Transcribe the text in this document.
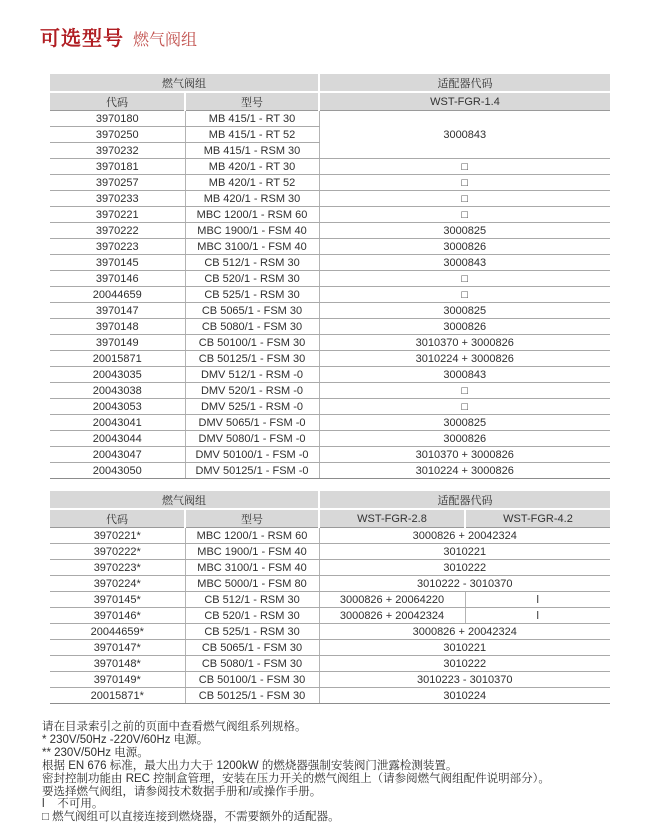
可选型号 燃气阀组
燃气阀组		适配器代码
代码	型号	WST-FGR-1.4
3970180	MB 415/1 - RT 30	3000843
3970250	MB 415/1 - RT 52	
3970232	MB 415/1 - RSM 30	
3970181	MB 420/1 - RT 30	□
3970257	MB 420/1 - RT 52	□
3970233	MB 420/1 - RSM 30	□
3970221	MBC 1200/1 - RSM 60	□
3970222	MBC 1900/1 - FSM 40	3000825
3970223	MBC 3100/1 - FSM 40	3000826
3970145	CB 512/1 - RSM 30	3000843
3970146	CB 520/1 - RSM 30	□
20044659	CB 525/1 - RSM 30	□
3970147	CB 5065/1 - FSM 30	3000825
3970148	CB 5080/1 - FSM 30	3000826
3970149	CB 50100/1 - FSM 30	3010370 + 3000826
20015871	CB 50125/1 - FSM 30	3010224 + 3000826
20043035	DMV 512/1 - RSM -0	3000843
20043038	DMV 520/1 - RSM -0	□
20043053	DMV 525/1 - RSM -0	□
20043041	DMV 5065/1 - FSM -0	3000825
20043044	DMV 5080/1 - FSM -0	3000826
20043047	DMV 50100/1 - FSM -0	3010370 + 3000826
20043050	DMV 50125/1 - FSM -0	3010224 + 3000826
燃气阀组		适配器代码	
代码	型号	WST-FGR-2.8	WST-FGR-4.2
3970221*	MBC 1200/1 - RSM 60	3000826 + 20042324	
3970222*	MBC 1900/1 - FSM 40	3010221	
3970223*	MBC 3100/1 - FSM 40	3010222	
3970224*	MBC 5000/1 - FSM 80	3010222 - 3010370	
3970145*	CB 512/1 - RSM 30	3000826 + 20064220	l
3970146*	CB 520/1 - RSM 30	3000826 + 20042324	l
20044659*	CB 525/1 - RSM 30	3000826 + 20042324	
3970147*	CB 5065/1 - FSM 30	3010221	
3970148*	CB 5080/1 - FSM 30	3010222	
3970149*	CB 50100/1 - FSM 30	3010223 - 3010370	
20015871*	CB 50125/1 - FSM 30	3010224	
请在目录索引之前的页面中查看燃气阀组系列规格。
* 230V/50Hz -220V/60Hz 电源。
** 230V/50Hz 电源。
根据 EN 676 标准，最大出力大于 1200kW 的燃烧器强制安装阀门泄露检测装置。
密封控制功能由 REC 控制盒管理，安装在压力开关的燃气阀组上（请参阅燃气阀组配件说明部分）。
要选择燃气阀组，请参阅技术数据手册和/或操作手册。
l    不可用。
□ 燃气阀组可以直接连接到燃烧器，不需要额外的适配器。
